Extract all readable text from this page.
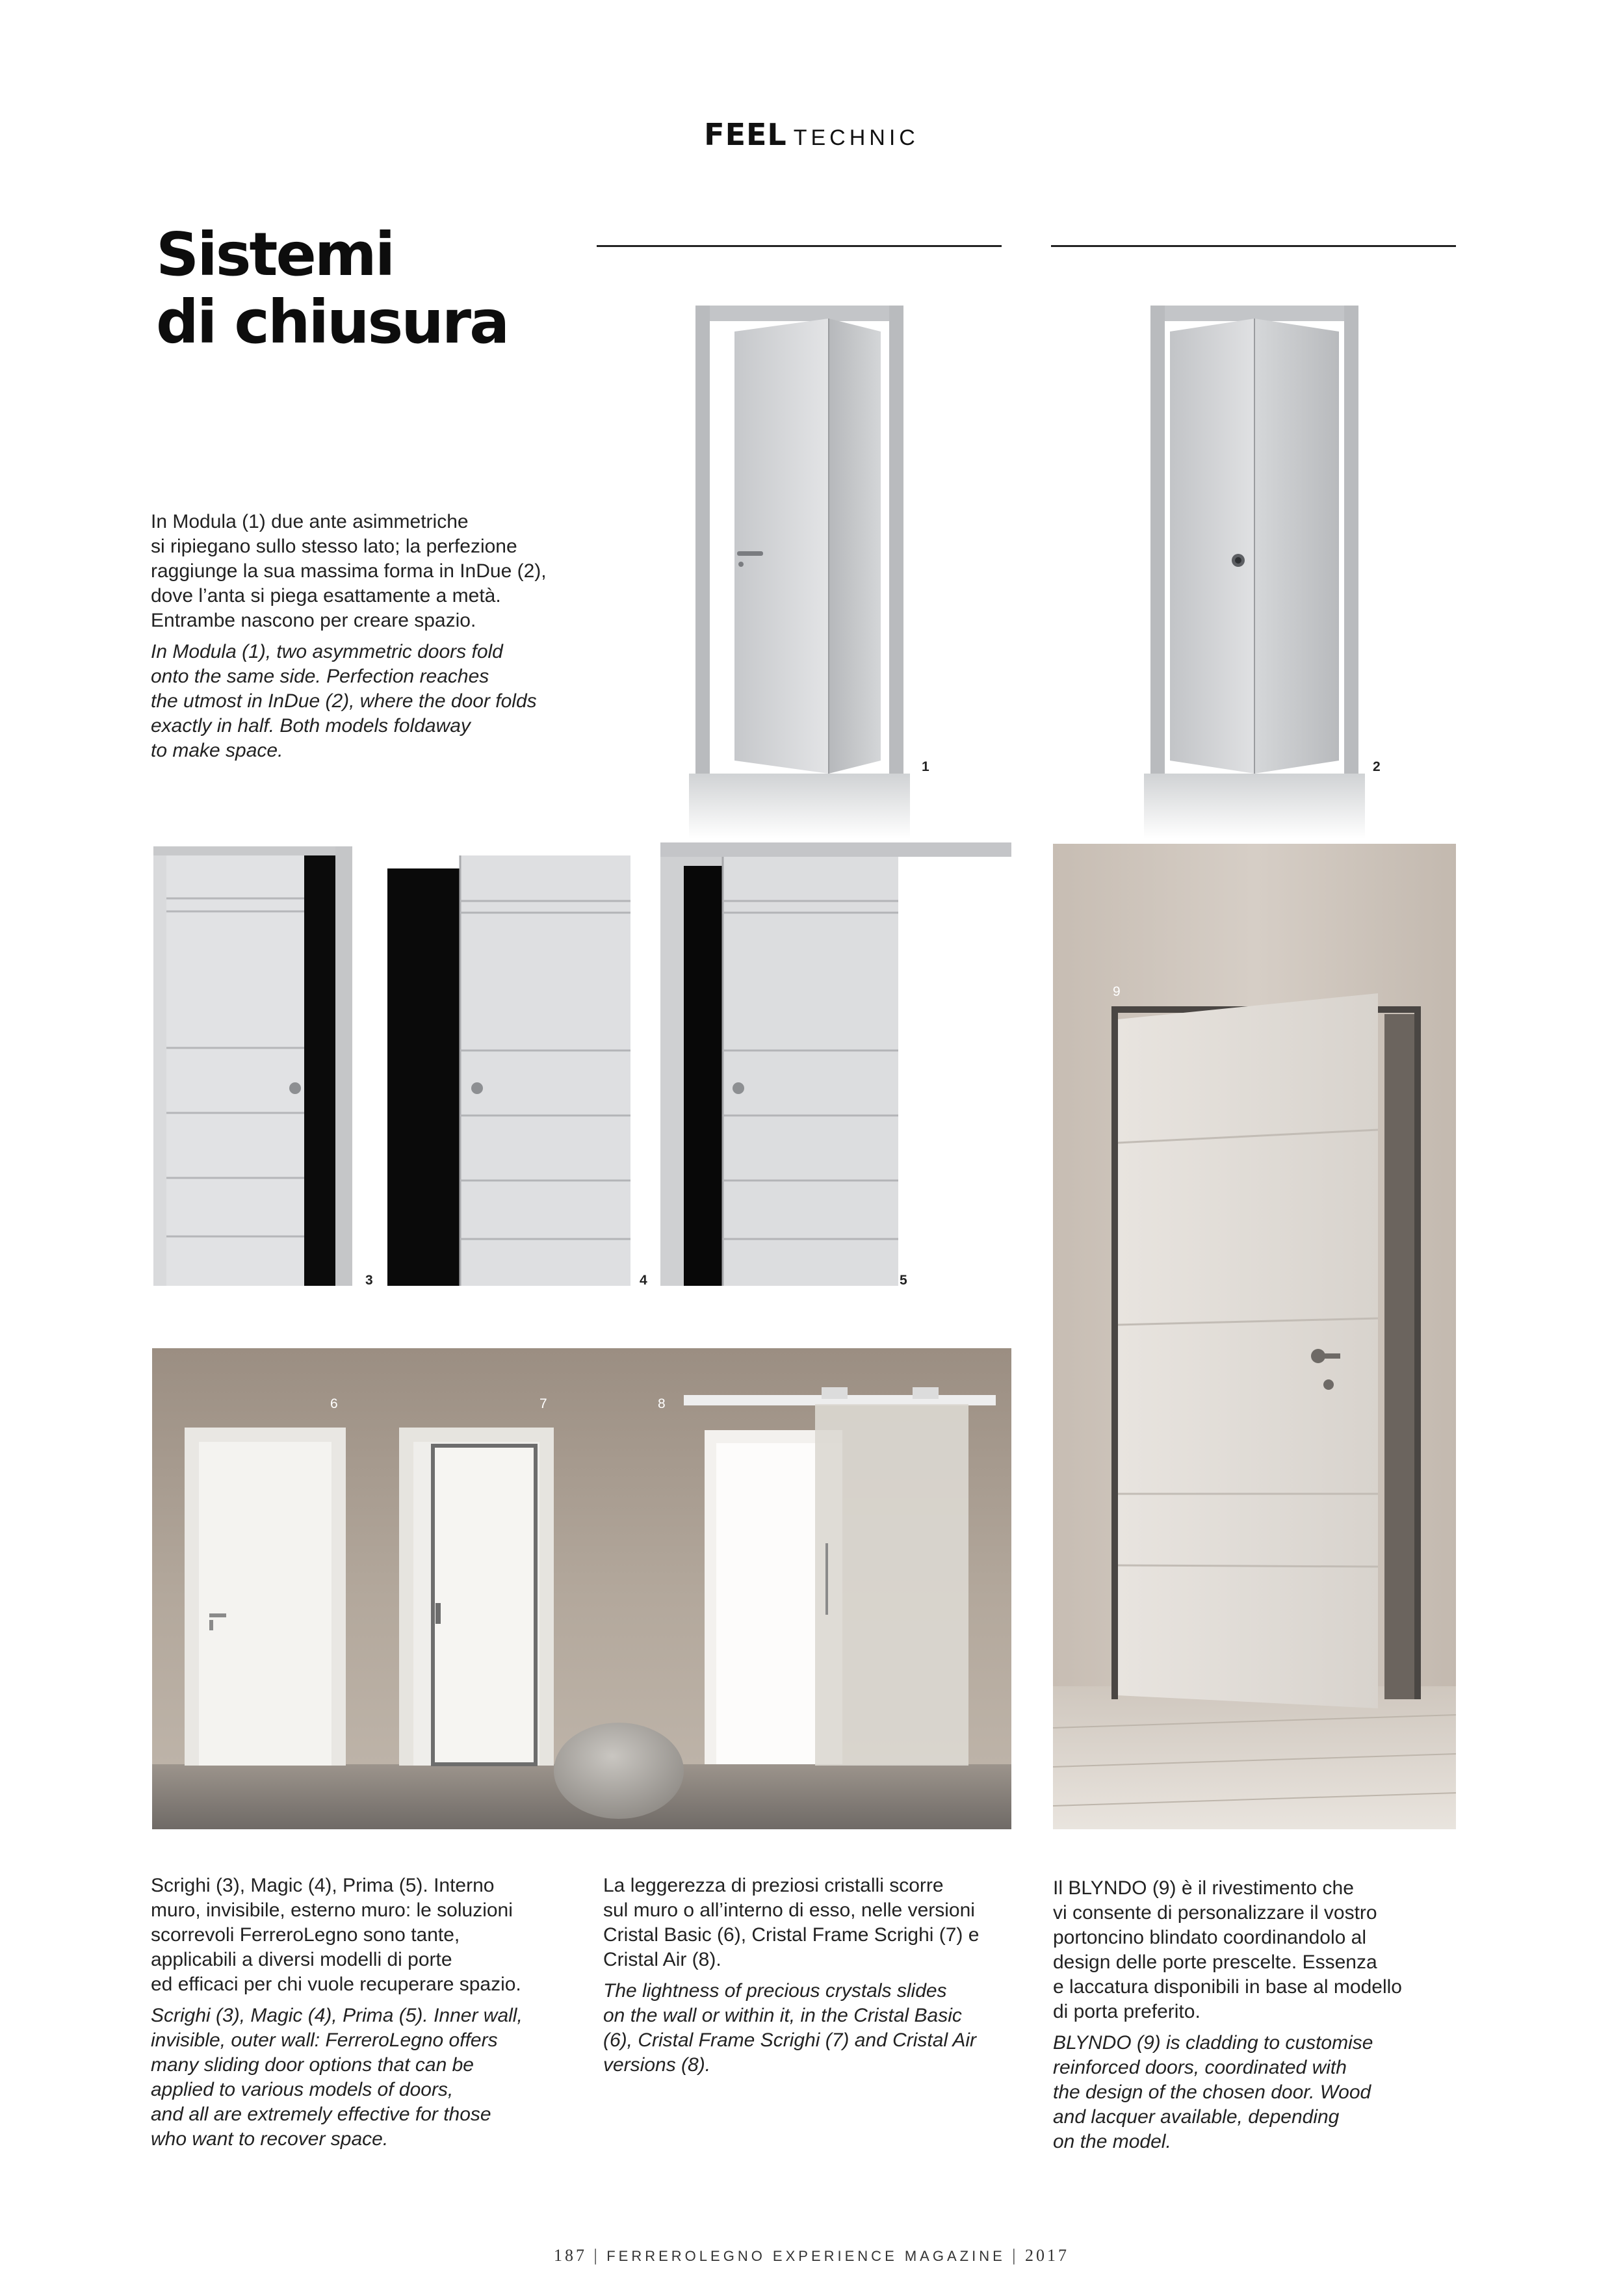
FEEL TECHNIC
Sistemi
di chiusura

In Modula (1) due ante asimmetriche
si ripiegano sullo stesso lato; la perfezione
raggiunge la sua massima forma in InDue (2),
dove l’anta si piega esattamente a metà.
Entrambe nascono per creare spazio.

In Modula (1), two asymmetric doors fold
onto the same side. Perfection reaches
the utmost in InDue (2), where the door folds
exactly in half. Both models foldaway
to make space.

1	2
3	4	5
6	7	8
9

Scrighi (3), Magic (4), Prima (5). Interno
muro, invisibile, esterno muro: le soluzioni
scorrevoli FerreroLegno sono tante,
applicabili a diversi modelli di porte
ed efficaci per chi vuole recuperare spazio.

Scrighi (3), Magic (4), Prima (5). Inner wall,
invisible, outer wall: FerreroLegno offers
many sliding door options that can be
applied to various models of doors,
and all are extremely effective for those
who want to recover space.

La leggerezza di preziosi cristalli scorre
sul muro o all’interno di esso, nelle versioni
Cristal Basic (6), Cristal Frame Scrighi (7) e
Cristal Air (8).

The lightness of precious crystals slides
on the wall or within it, in the Cristal Basic
(6), Cristal Frame Scrighi (7) and Cristal Air
versions (8).

Il BLYNDO (9) è il rivestimento che
vi consente di personalizzare il vostro
portoncino blindato coordinandolo al
design delle porte prescelte. Essenza
e laccatura disponibili in base al modello
di porta preferito.

BLYNDO (9) is cladding to customise
reinforced doors, coordinated with
the design of the chosen door. Wood
and lacquer available, depending
on the model.

187 | FERREROLEGNO EXPERIENCE MAGAZINE | 2017
